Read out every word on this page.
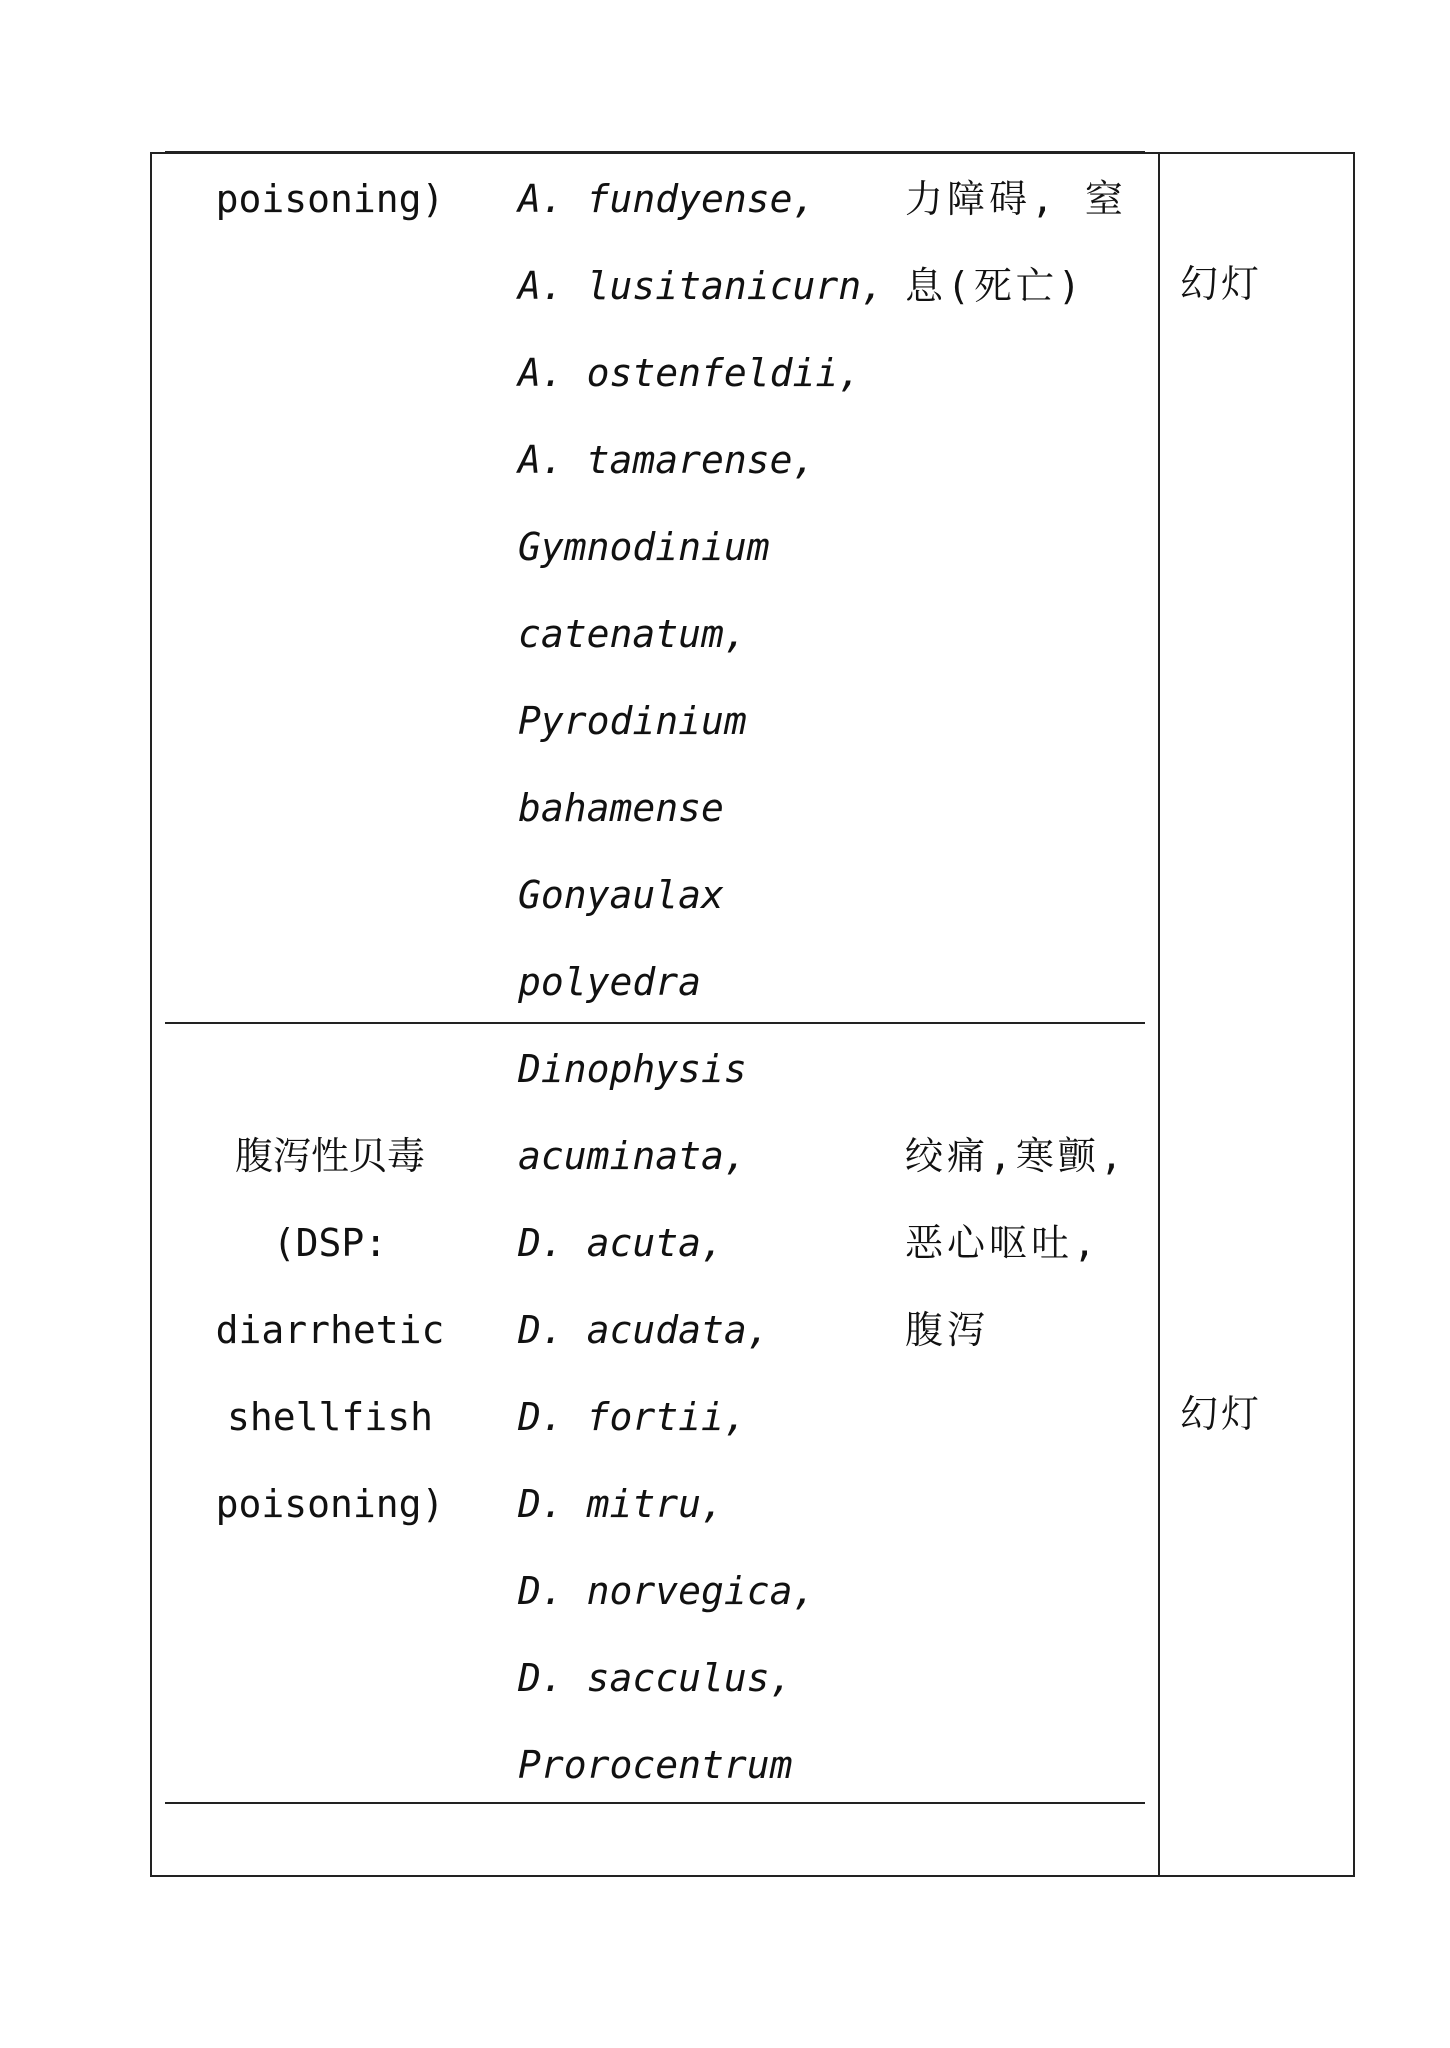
poisoning)	A. fundyense,
A. lusitanicurn,
A. ostenfeldii,
A. tamarense,
Gymnodinium
catenatum,
Pyrodinium
bahamense
Gonyaulax
polyedra
力障碍, 窒
息(死亡)	幻灯
腹泻性贝毒
(DSP:
diarrhetic
shellfish
poisoning)
Dinophysis
acuminata,
D. acuta,
D. acudata,
D. fortii,
D. mitru,
D. norvegica,
D. sacculus,
Prorocentrum
绞痛,寒颤,
恶心呕吐,
腹泻
幻灯
